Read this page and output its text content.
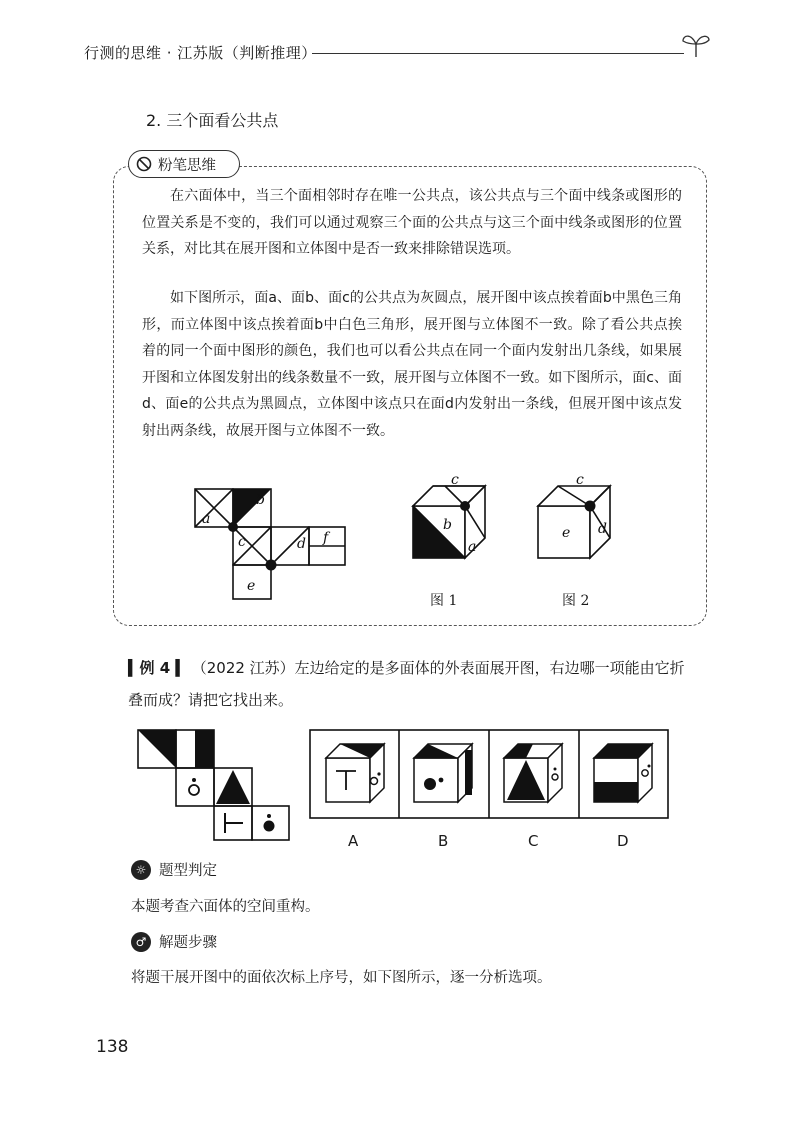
行测的思维 · 江苏版（判断推理）
2. 三个面看公共点
粉笔思维
在六面体中，当三个面相邻时存在唯一公共点，该公共点与三个面中线条或图形的位置关系是不变的，我们可以通过观察三个面的公共点与这三个面中线条或图形的位置关系，对比其在展开图和立体图中是否一致来排除错误选项。
如下图所示，面a、面b、面c的公共点为灰圆点，展开图中该点挨着面b中黑色三角形，而立体图中该点挨着面b中白色三角形，展开图与立体图不一致。除了看公共点挨着的同一个面中图形的颜色，我们也可以看公共点在同一个面内发射出几条线，如果展开图和立体图发射出的线条数量不一致，展开图与立体图不一致。如下图所示，面c、面d、面e的公共点为黑圆点，立体图中该点只在面d内发射出一条线，但展开图中该点发射出两条线，故展开图与立体图不一致。
a
b
c	d f
e
c
b
a
图 1
c
e d
图 2
▍例 4 ▍ （2022 江苏）左边给定的是多面体的外表面展开图，右边哪一项能由它折叠而成？请把它找出来。
A	B	C	D
☼ 题型判定
本题考查六面体的空间重构。
♂ 解题步骤
将题干展开图中的面依次标上序号，如下图所示，逐一分析选项。
138
